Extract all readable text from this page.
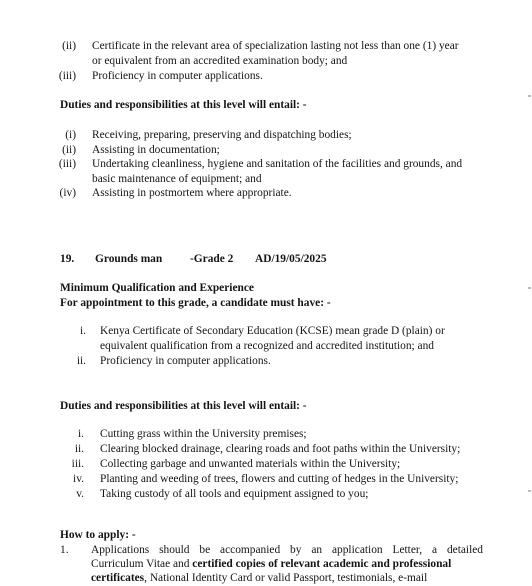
(ii) Certificate in the relevant area of specialization lasting not less than one (1) year
or equivalent from an accredited examination body; and
(iii) Proficiency in computer applications.
Duties and responsibilities at this level will entail: -
(i) Receiving, preparing, preserving and dispatching bodies;
(ii) Assisting in documentation;
(iii) Undertaking cleanliness, hygiene and sanitation of the facilities and grounds, and
basic maintenance of equipment; and
(iv) Assisting in postmortem where appropriate.
19. Grounds man -Grade 2 AD/19/05/2025
Minimum Qualification and Experience
For appointment to this grade, a candidate must have: -
i. Kenya Certificate of Secondary Education (KCSE) mean grade D (plain) or
equivalent qualification from a recognized and accredited institution; and
ii. Proficiency in computer applications.
Duties and responsibilities at this level will entail: -
i. Cutting grass within the University premises;
ii. Clearing blocked drainage, clearing roads and foot paths within the University;
iii. Collecting garbage and unwanted materials within the University;
iv. Planting and weeding of trees, flowers and cutting of hedges in the University;
v. Taking custody of all tools and equipment assigned to you;
How to apply: -
1. Applications should be accompanied by an application Letter, a detailed
Curriculum Vitae and certified copies of relevant academic and professional
certificates, National Identity Card or valid Passport, testimonials, e-mail
